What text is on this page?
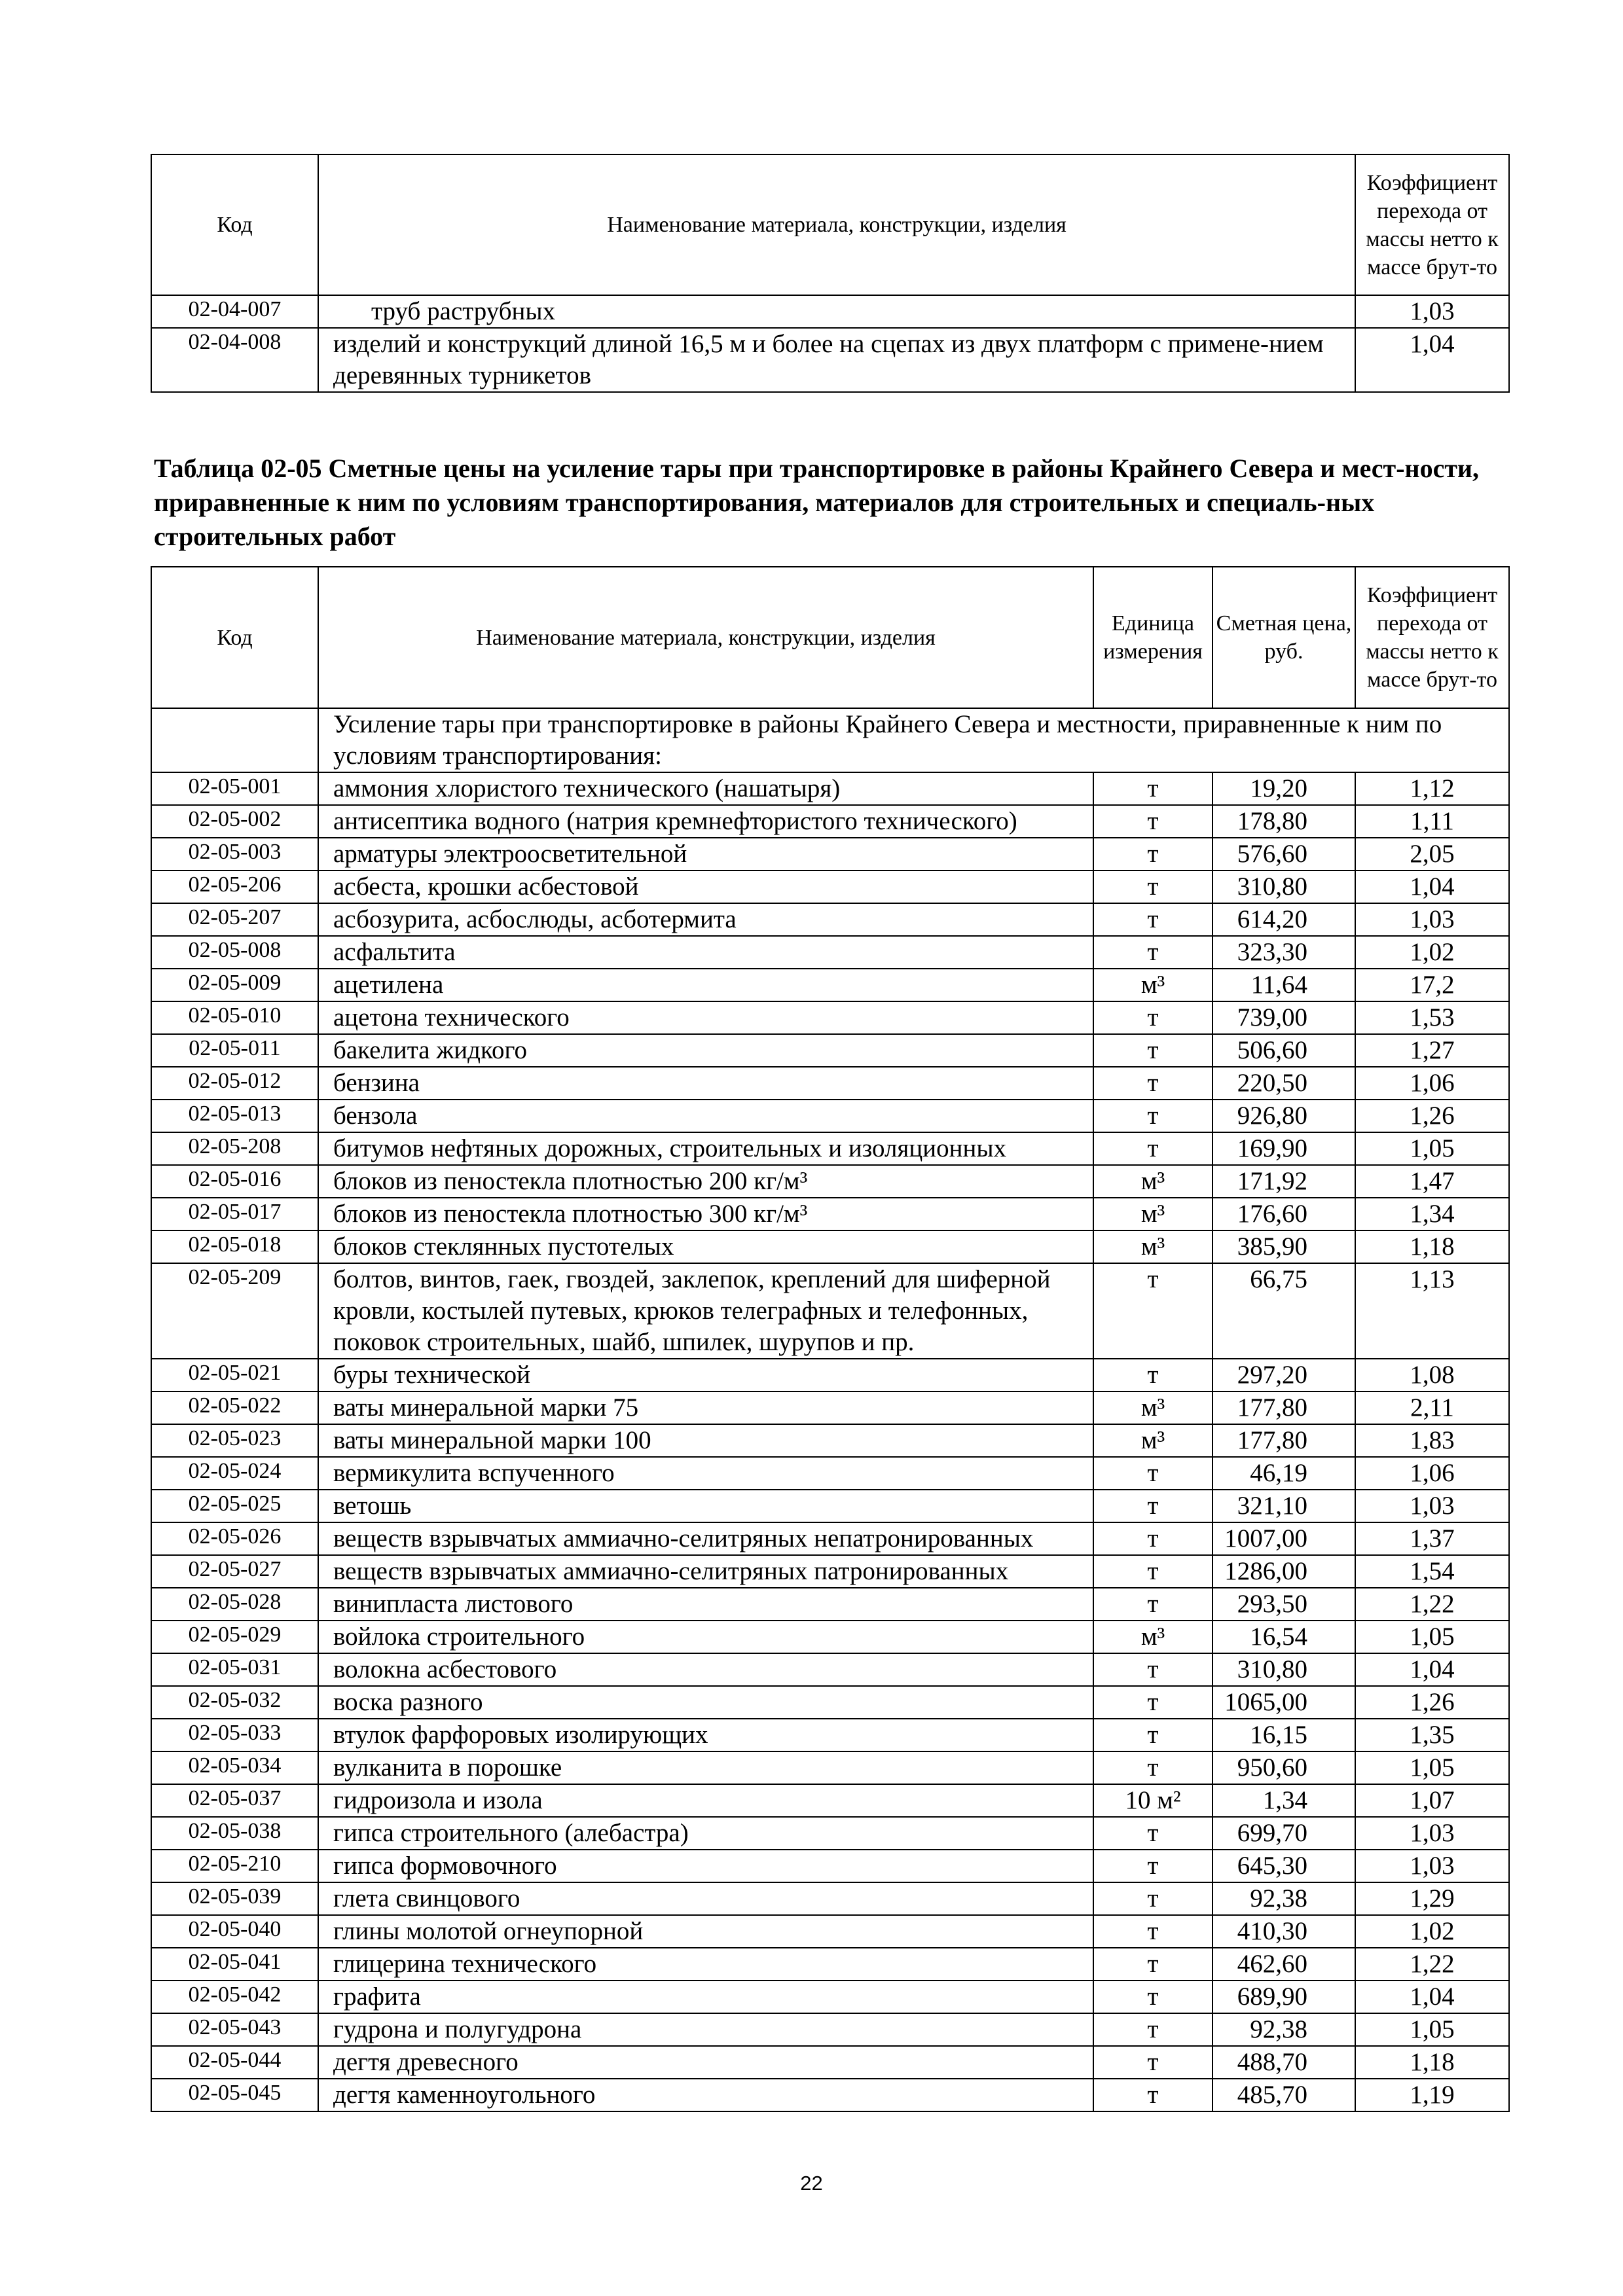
Код	Наименование материала, конструкции, изделия	Коэффициент перехода от массы нетто к массе брут-то
02-04-007	труб раструбных	1,03
02-04-008	изделий и конструкций длиной 16,5 м и более на сцепах из двух платформ с примене-нием деревянных турникетов	1,04

Таблица 02-05 Сметные цены на усиление тары при транспортировке в районы Крайнего Севера и мест-ности, приравненные к ним по условиям транспортирования, материалов для строительных и специаль-ных строительных работ

Код	Наименование материала, конструкции, изделия	Единица измерения	Сметная цена, руб.	Коэффициент перехода от массы нетто к массе брут-то
	Усиление тары при транспортировке в районы Крайнего Севера и местности, приравненные к ним по условиям транспортирования:			
02-05-001	аммония хлористого технического (нашатыря)	т	19,20	1,12
02-05-002	антисептика водного (натрия кремнефтористого технического)	т	178,80	1,11
02-05-003	арматуры электроосветительной	т	576,60	2,05
02-05-206	асбеста, крошки асбестовой	т	310,80	1,04
02-05-207	асбозурита, асбослюды, асботермита	т	614,20	1,03
02-05-008	асфальтита	т	323,30	1,02
02-05-009	ацетилена	м³	11,64	17,2
02-05-010	ацетона технического	т	739,00	1,53
02-05-011	бакелита жидкого	т	506,60	1,27
02-05-012	бензина	т	220,50	1,06
02-05-013	бензола	т	926,80	1,26
02-05-208	битумов нефтяных дорожных, строительных и изоляционных	т	169,90	1,05
02-05-016	блоков из пеностекла плотностью 200 кг/м³	м³	171,92	1,47
02-05-017	блоков из пеностекла плотностью 300 кг/м³	м³	176,60	1,34
02-05-018	блоков стеклянных пустотелых	м³	385,90	1,18
02-05-209	болтов, винтов, гаек, гвоздей, заклепок, креплений для шиферной кровли, костылей путевых, крюков телеграфных и телефонных, поковок строительных, шайб, шпилек, шурупов и пр.	т	66,75	1,13
02-05-021	буры технической	т	297,20	1,08
02-05-022	ваты минеральной марки 75	м³	177,80	2,11
02-05-023	ваты минеральной марки 100	м³	177,80	1,83
02-05-024	вермикулита вспученного	т	46,19	1,06
02-05-025	ветошь	т	321,10	1,03
02-05-026	веществ взрывчатых аммиачно-селитряных непатронированных	т	1007,00	1,37
02-05-027	веществ взрывчатых аммиачно-селитряных патронированных	т	1286,00	1,54
02-05-028	винипласта листового	т	293,50	1,22
02-05-029	войлока строительного	м³	16,54	1,05
02-05-031	волокна асбестового	т	310,80	1,04
02-05-032	воска разного	т	1065,00	1,26
02-05-033	втулок фарфоровых изолирующих	т	16,15	1,35
02-05-034	вулканита в порошке	т	950,60	1,05
02-05-037	гидроизола и изола	10 м²	1,34	1,07
02-05-038	гипса строительного (алебастра)	т	699,70	1,03
02-05-210	гипса формовочного	т	645,30	1,03
02-05-039	глета свинцового	т	92,38	1,29
02-05-040	глины молотой огнеупорной	т	410,30	1,02
02-05-041	глицерина технического	т	462,60	1,22
02-05-042	графита	т	689,90	1,04
02-05-043	гудрона и полугудрона	т	92,38	1,05
02-05-044	дегтя древесного	т	488,70	1,18
02-05-045	дегтя каменноугольного	т	485,70	1,19
22
